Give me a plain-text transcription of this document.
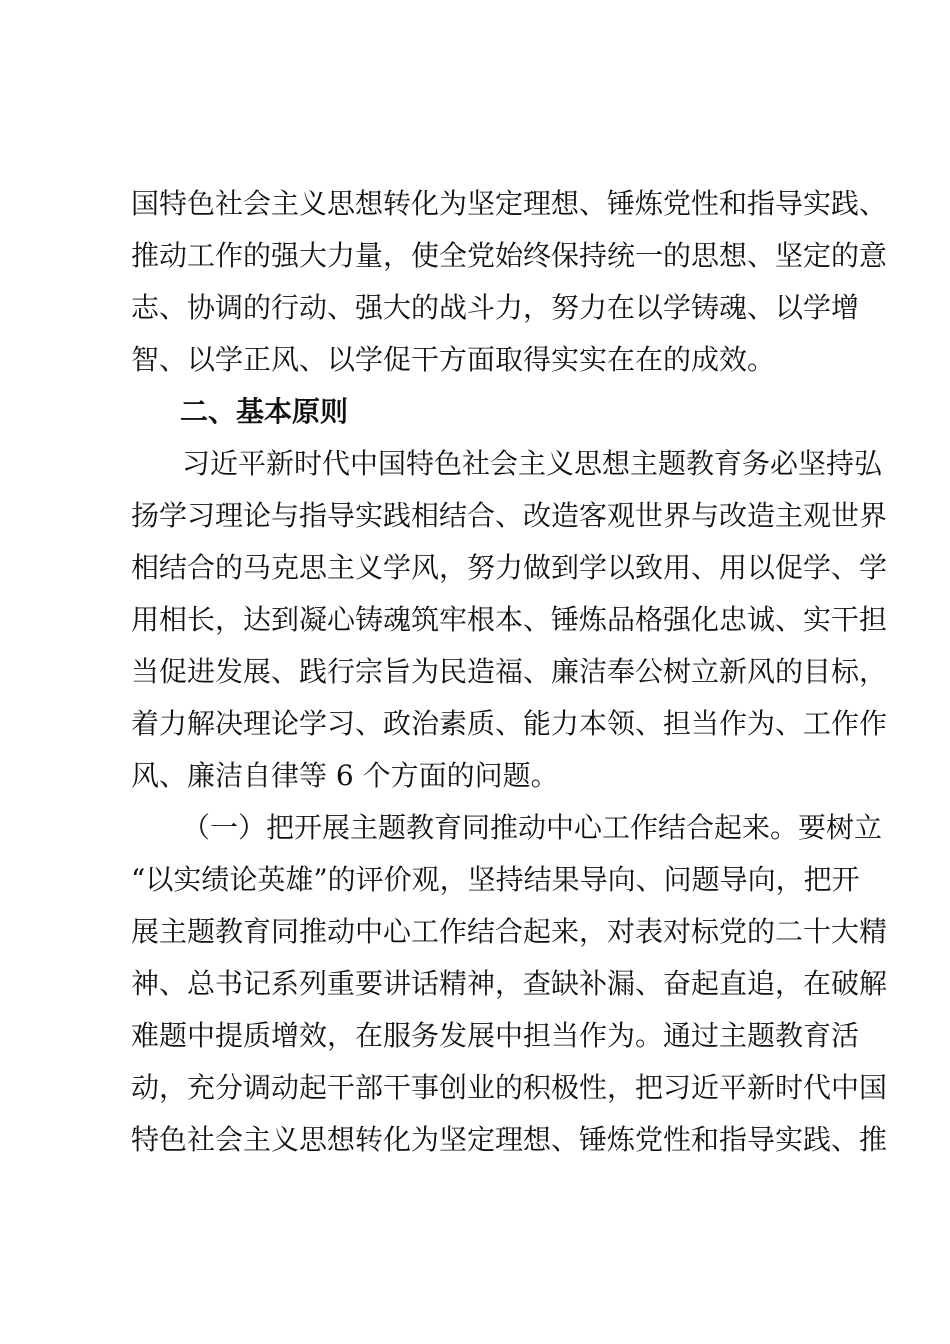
国特色社会主义思想转化为坚定理想、锤炼党性和指导实践、
推动工作的强大力量，使全党始终保持统一的思想、坚定的意
志、协调的行动、强大的战斗力，努力在以学铸魂、以学增
智、以学正风、以学促干方面取得实实在在的成效。
二、基本原则
习近平新时代中国特色社会主义思想主题教育务必坚持弘
扬学习理论与指导实践相结合、改造客观世界与改造主观世界
相结合的马克思主义学风，努力做到学以致用、用以促学、学
用相长，达到凝心铸魂筑牢根本、锤炼品格强化忠诚、实干担
当促进发展、践行宗旨为民造福、廉洁奉公树立新风的目标，
着力解决理论学习、政治素质、能力本领、担当作为、工作作
风、廉洁自律等 6 个方面的问题。
（一）把开展主题教育同推动中心工作结合起来。要树立
“以实绩论英雄”的评价观，坚持结果导向、问题导向，把开
展主题教育同推动中心工作结合起来，对表对标党的二十大精
神、总书记系列重要讲话精神，查缺补漏、奋起直追，在破解
难题中提质增效，在服务发展中担当作为。通过主题教育活
动，充分调动起干部干事创业的积极性，把习近平新时代中国
特色社会主义思想转化为坚定理想、锤炼党性和指导实践、推
